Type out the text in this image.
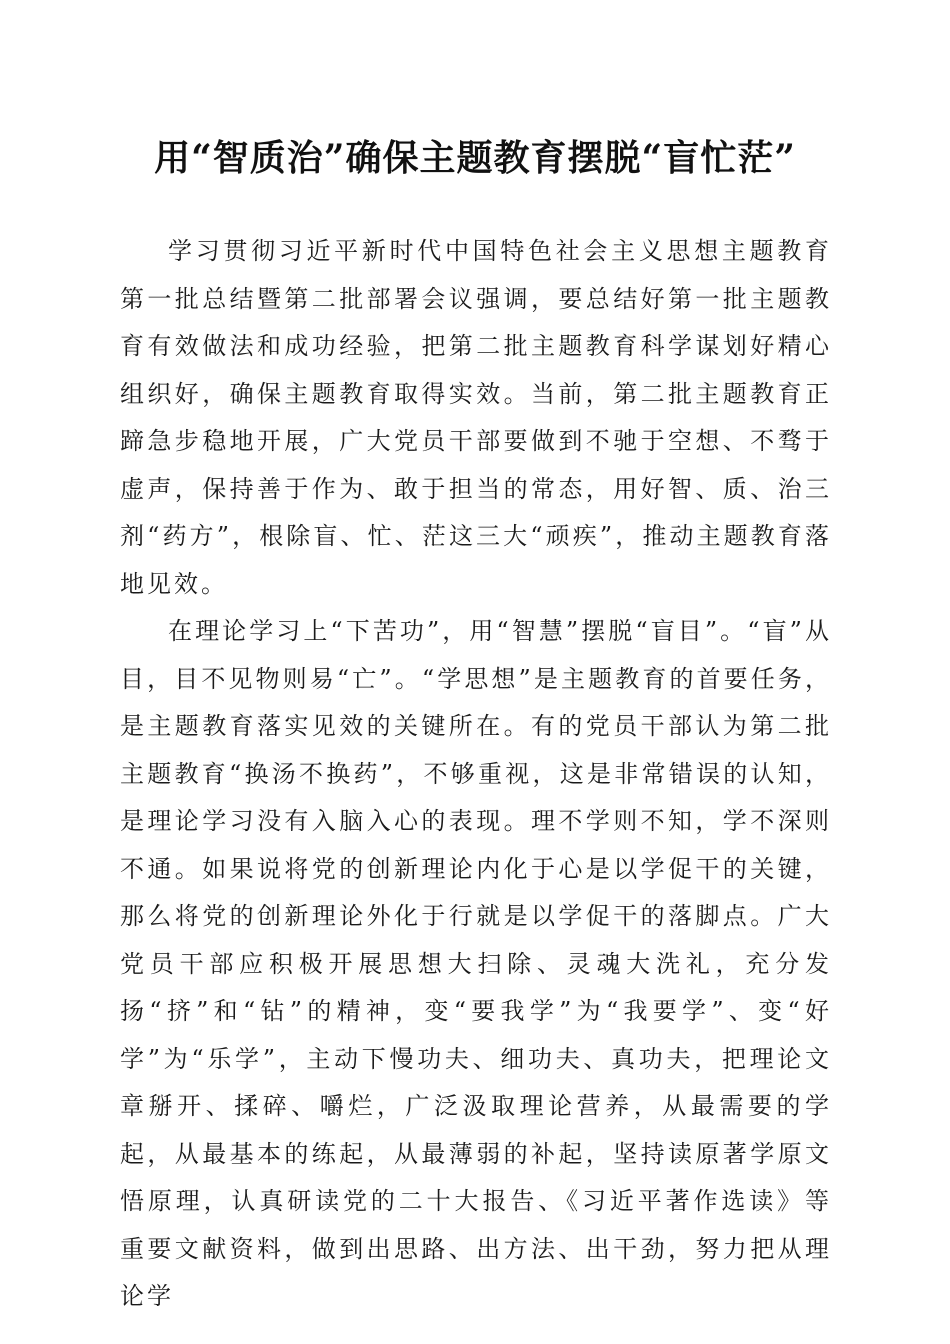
用“智质治”确保主题教育摆脱“盲忙茫”

学习贯彻习近平新时代中国特色社会主义思想主题教育第一批总结暨第二批部署会议强调，要总结好第一批主题教育有效做法和成功经验，把第二批主题教育科学谋划好精心组织好，确保主题教育取得实效。当前，第二批主题教育正蹄急步稳地开展，广大党员干部要做到不驰于空想、不骛于虚声，保持善于作为、敢于担当的常态，用好智、质、治三剂“药方”，根除盲、忙、茫这三大“顽疾”，推动主题教育落地见效。

在理论学习上“下苦功”，用“智慧”摆脱“盲目”。“盲”从目，目不见物则易“亡”。“学思想”是主题教育的首要任务，是主题教育落实见效的关键所在。有的党员干部认为第二批主题教育“换汤不换药”，不够重视，这是非常错误的认知，是理论学习没有入脑入心的表现。理不学则不知，学不深则不通。如果说将党的创新理论内化于心是以学促干的关键，那么将党的创新理论外化于行就是以学促干的落脚点。广大党员干部应积极开展思想大扫除、灵魂大洗礼，充分发扬“挤”和“钻”的精神，变“要我学”为“我要学”、变“好学”为“乐学”，主动下慢功夫、细功夫、真功夫，把理论文章掰开、揉碎、嚼烂，广泛汲取理论营养，从最需要的学起，从最基本的练起，从最薄弱的补起，坚持读原著学原文悟原理，认真研读党的二十大报告、《习近平著作选读》等重要文献资料，做到出思路、出方法、出干劲，努力把从理论学
